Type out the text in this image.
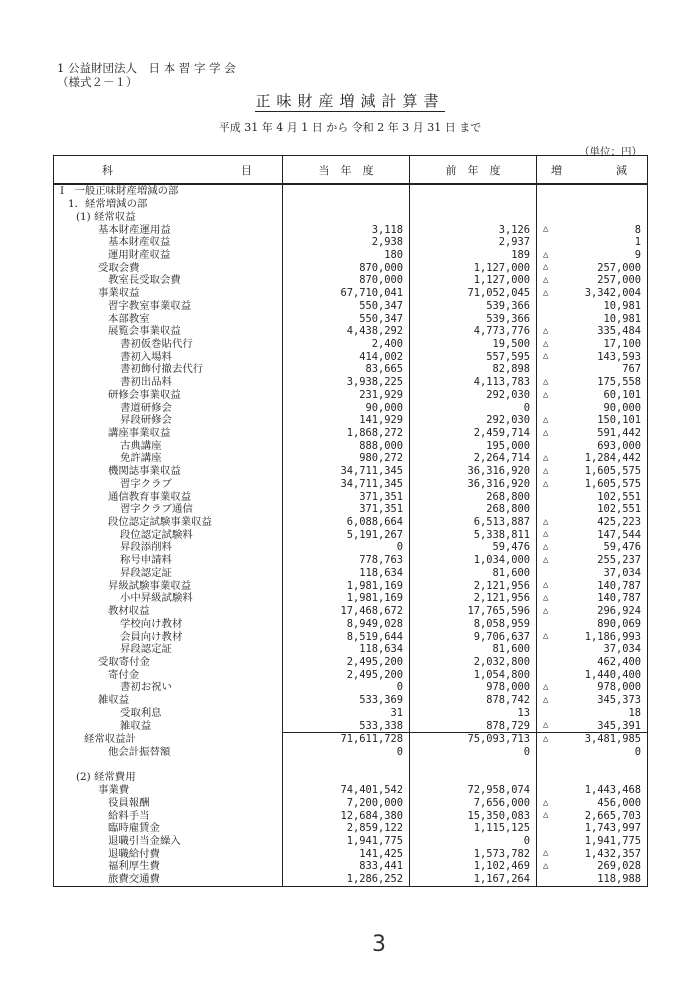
1 公益財団法人　日 本 習 字 学 会
（様式２－１）
正味財産増減計算書
平成 31 年 4 月 1 日 から 令和 2 年 3 月 31 日 まで
（単位：円）
科 目	当　年　度	前　年　度	増 減

Ⅰ　一般正味財産増減の部			
1．経常増減の部			
(1) 経常収益			
基本財産運用益	3,118	3,126	△ 8
基本財産収益	2,938	2,937	1
運用財産収益	180	189	△ 9
受取会費	870,000	1,127,000	△ 257,000
教室長受取会費	870,000	1,127,000	△ 257,000
事業収益	67,710,041	71,052,045	△ 3,342,004
習字教室事業収益	550,347	539,366	10,981
本部教室	550,347	539,366	10,981
展覧会事業収益	4,438,292	4,773,776	△ 335,484
書初仮巻貼代行	2,400	19,500	△ 17,100
書初入場料	414,002	557,595	△ 143,593
書初飾付撤去代行	83,665	82,898	767
書初出品料	3,938,225	4,113,783	△ 175,558
研修会事業収益	231,929	292,030	△ 60,101
書道研修会	90,000	0	90,000
昇段研修会	141,929	292,030	△ 150,101
講座事業収益	1,868,272	2,459,714	△ 591,442
古典講座	888,000	195,000	693,000
免許講座	980,272	2,264,714	△ 1,284,442
機関誌事業収益	34,711,345	36,316,920	△ 1,605,575
習字クラブ	34,711,345	36,316,920	△ 1,605,575
通信教育事業収益	371,351	268,800	102,551
習字クラブ通信	371,351	268,800	102,551
段位認定試験事業収益	6,088,664	6,513,887	△ 425,223
段位認定試験料	5,191,267	5,338,811	△ 147,544
昇段添削料	0	59,476	△ 59,476
称号申請料	778,763	1,034,000	△ 255,237
昇段認定証	118,634	81,600	37,034
昇級試験事業収益	1,981,169	2,121,956	△ 140,787
小中昇級試験料	1,981,169	2,121,956	△ 140,787
教材収益	17,468,672	17,765,596	△ 296,924
学校向け教材	8,949,028	8,058,959	890,069
会員向け教材	8,519,644	9,706,637	△ 1,186,993
昇段認定証	118,634	81,600	37,034
受取寄付金	2,495,200	2,032,800	462,400
寄付金	2,495,200	1,054,800	1,440,400
書初お祝い	0	978,000	△ 978,000
雑収益	533,369	878,742	△ 345,373
受取利息	31	13	18
雑収益	533,338	878,729	△ 345,391
経常収益計	71,611,728	75,093,713	△ 3,481,985
他会計振替額	0	0	0

(2) 経常費用			
事業費	74,401,542	72,958,074	1,443,468
役員報酬	7,200,000	7,656,000	△ 456,000
給料手当	12,684,380	15,350,083	△ 2,665,703
臨時雇賃金	2,859,122	1,115,125	1,743,997
退職引当金繰入	1,941,775	0	1,941,775
退職給付費	141,425	1,573,782	△ 1,432,357
福利厚生費	833,441	1,102,469	△ 269,028
旅費交通費	1,286,252	1,167,264	118,988
3
